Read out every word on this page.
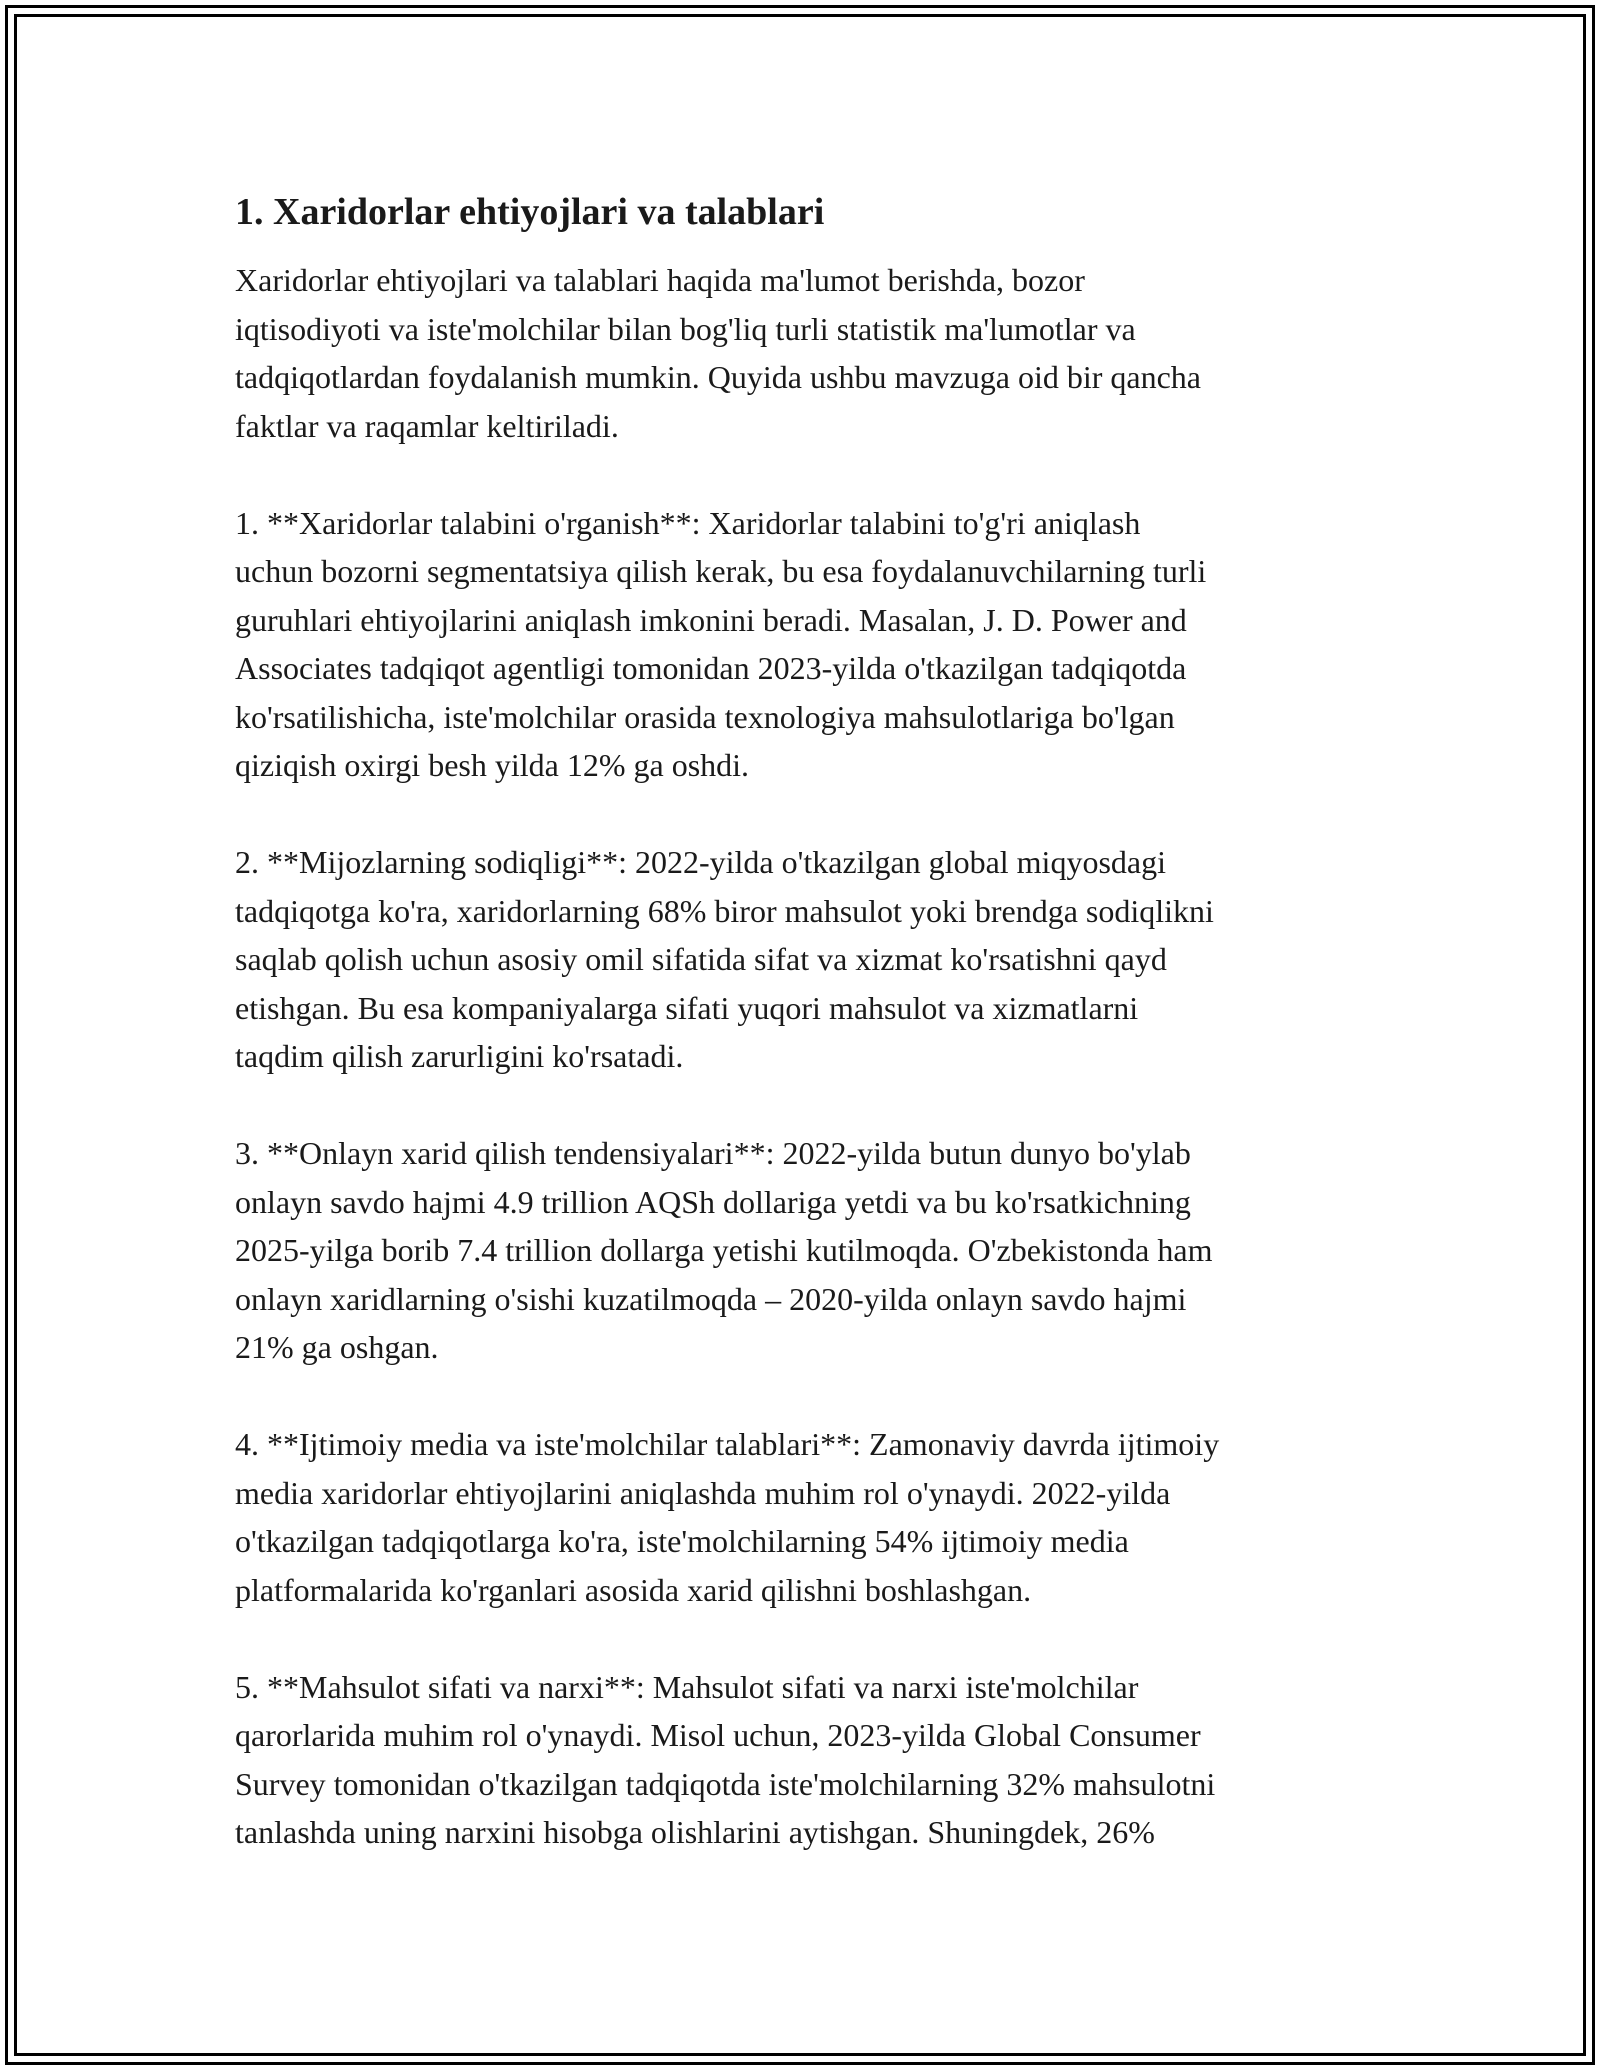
1. Xaridorlar ehtiyojlari va talablari

Xaridorlar ehtiyojlari va talablari haqida ma'lumot berishda, bozor
iqtisodiyoti va iste'molchilar bilan bog'liq turli statistik ma'lumotlar va
tadqiqotlardan foydalanish mumkin. Quyida ushbu mavzuga oid bir qancha
faktlar va raqamlar keltiriladi.

1. **Xaridorlar talabini o'rganish**: Xaridorlar talabini to'g'ri aniqlash
uchun bozorni segmentatsiya qilish kerak, bu esa foydalanuvchilarning turli
guruhlari ehtiyojlarini aniqlash imkonini beradi. Masalan, J. D. Power and
Associates tadqiqot agentligi tomonidan 2023-yilda o'tkazilgan tadqiqotda
ko'rsatilishicha, iste'molchilar orasida texnologiya mahsulotlariga bo'lgan
qiziqish oxirgi besh yilda 12% ga oshdi.

2. **Mijozlarning sodiqligi**: 2022-yilda o'tkazilgan global miqyosdagi
tadqiqotga ko'ra, xaridorlarning 68% biror mahsulot yoki brendga sodiqlikni
saqlab qolish uchun asosiy omil sifatida sifat va xizmat ko'rsatishni qayd
etishgan. Bu esa kompaniyalarga sifati yuqori mahsulot va xizmatlarni
taqdim qilish zarurligini ko'rsatadi.

3. **Onlayn xarid qilish tendensiyalari**: 2022-yilda butun dunyo bo'ylab
onlayn savdo hajmi 4.9 trillion AQSh dollariga yetdi va bu ko'rsatkichning
2025-yilga borib 7.4 trillion dollarga yetishi kutilmoqda. O'zbekistonda ham
onlayn xaridlarning o'sishi kuzatilmoqda – 2020-yilda onlayn savdo hajmi
21% ga oshgan.

4. **Ijtimoiy media va iste'molchilar talablari**: Zamonaviy davrda ijtimoiy
media xaridorlar ehtiyojlarini aniqlashda muhim rol o'ynaydi. 2022-yilda
o'tkazilgan tadqiqotlarga ko'ra, iste'molchilarning 54% ijtimoiy media
platformalarida ko'rganlari asosida xarid qilishni boshlashgan.

5. **Mahsulot sifati va narxi**: Mahsulot sifati va narxi iste'molchilar
qarorlarida muhim rol o'ynaydi. Misol uchun, 2023-yilda Global Consumer
Survey tomonidan o'tkazilgan tadqiqotda iste'molchilarning 32% mahsulotni
tanlashda uning narxini hisobga olishlarini aytishgan. Shuningdek, 26%
